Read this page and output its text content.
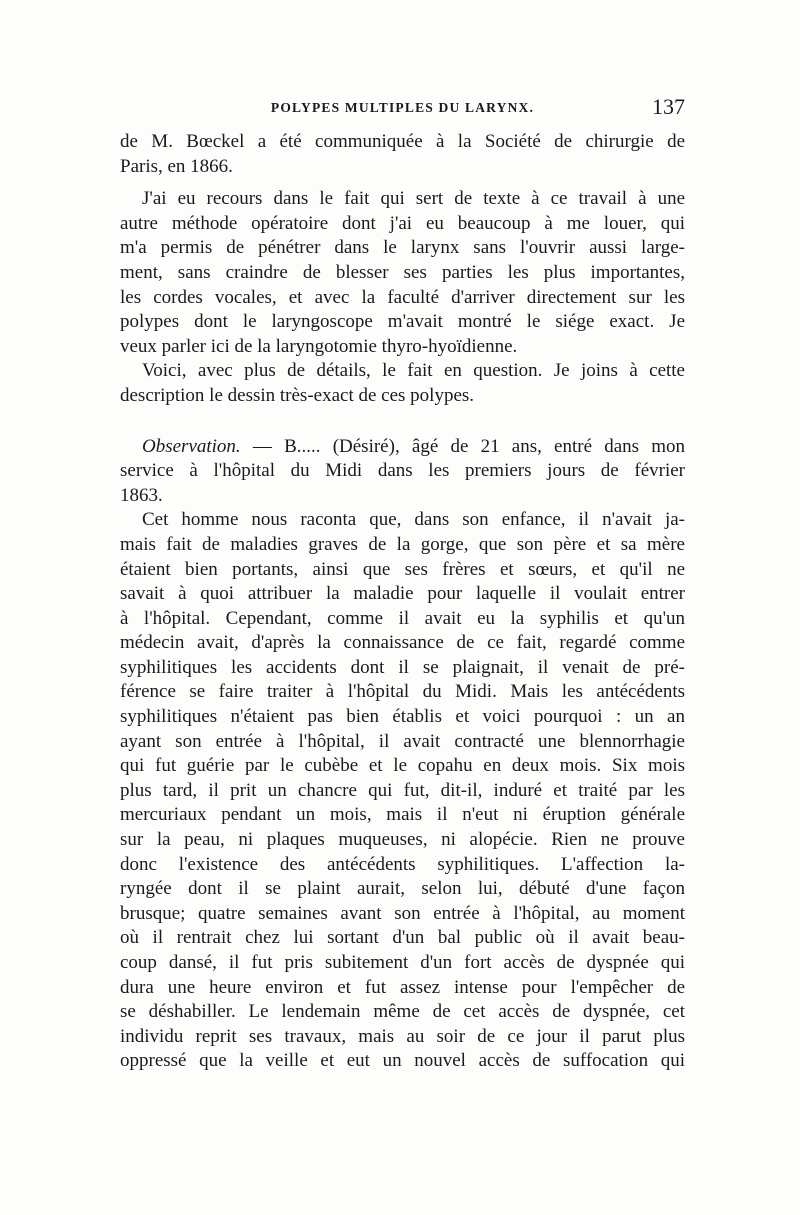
POLYPES MULTIPLES DU LARYNX.	137
de M. Bœckel a été communiquée à la Société de chirurgie de
Paris, en 1866.
J'ai eu recours dans le fait qui sert de texte à ce travail à une
autre méthode opératoire dont j'ai eu beaucoup à me louer, qui
m'a permis de pénétrer dans le larynx sans l'ouvrir aussi large-
ment, sans craindre de blesser ses parties les plus importantes,
les cordes vocales, et avec la faculté d'arriver directement sur les
polypes dont le laryngoscope m'avait montré le siége exact. Je
veux parler ici de la laryngotomie thyro-hyoïdienne.
Voici, avec plus de détails, le fait en question. Je joins à cette
description le dessin très-exact de ces polypes.
Observation. — B..... (Désiré), âgé de 21 ans, entré dans mon
service à l'hôpital du Midi dans les premiers jours de février
1863.
Cet homme nous raconta que, dans son enfance, il n'avait ja-
mais fait de maladies graves de la gorge, que son père et sa mère
étaient bien portants, ainsi que ses frères et sœurs, et qu'il ne
savait à quoi attribuer la maladie pour laquelle il voulait entrer
à l'hôpital. Cependant, comme il avait eu la syphilis et qu'un
médecin avait, d'après la connaissance de ce fait, regardé comme
syphilitiques les accidents dont il se plaignait, il venait de pré-
férence se faire traiter à l'hôpital du Midi. Mais les antécédents
syphilitiques n'étaient pas bien établis et voici pourquoi : un an
ayant son entrée à l'hôpital, il avait contracté une blennorrhagie
qui fut guérie par le cubèbe et le copahu en deux mois. Six mois
plus tard, il prit un chancre qui fut, dit-il, induré et traité par les
mercuriaux pendant un mois, mais il n'eut ni éruption générale
sur la peau, ni plaques muqueuses, ni alopécie. Rien ne prouve
donc l'existence des antécédents syphilitiques. L'affection la-
ryngée dont il se plaint aurait, selon lui, débuté d'une façon
brusque; quatre semaines avant son entrée à l'hôpital, au moment
où il rentrait chez lui sortant d'un bal public où il avait beau-
coup dansé, il fut pris subitement d'un fort accès de dyspnée qui
dura une heure environ et fut assez intense pour l'empêcher de
se déshabiller. Le lendemain même de cet accès de dyspnée, cet
individu reprit ses travaux, mais au soir de ce jour il parut plus
oppressé que la veille et eut un nouvel accès de suffocation qui
